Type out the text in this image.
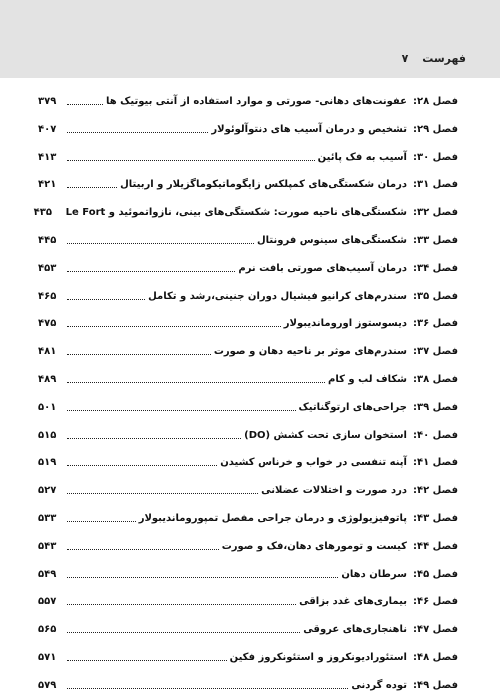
فهرست ۷
فصل ۲۸:
عفونت‌های دهانی- صورتی و موارد استفاده از آنتی بیوتیک ها
۳۷۹
فصل ۲۹:
تشخیص و درمان آسیب های دنتوآلوئولار
۴۰۷
فصل ۳۰:
آسیب به فک پائین
۴۱۳
فصل ۳۱:
درمان شکستگی‌های کمپلکس زایگوماتیکوماگزیلار و اربیتال
۴۲۱
فصل ۳۲:
شکستگی‌های ناحیه صورت: شکستگی‌های بینی، نازواتموئید و Le Fort
۴۳۵
فصل ۳۳:
شکستگی‌های سینوس فرونتال
۴۴۵
فصل ۳۴:
درمان آسیب‌های صورتی بافت نرم
۴۵۳
فصل ۳۵:
سندرم‌های کرانیو فیشیال دوران جنینی،رشد و تکامل
۴۶۵
فصل ۳۶:
دیسوستوز اوروماندیبولار
۴۷۵
فصل ۳۷:
سندرم‌های موثر بر ناحیه دهان و صورت
۴۸۱
فصل ۳۸:
شکاف لب و کام
۴۸۹
فصل ۳۹:
جراحی‌های ارتوگناتیک
۵۰۱
فصل ۴۰:
استخوان سازی تحت کشش (DO)
۵۱۵
فصل ۴۱:
آپنه تنفسی در خواب و خرناس کشیدن
۵۱۹
فصل ۴۲:
درد صورت و اختلالات عضلانی
۵۲۷
فصل ۴۳:
پاتوفیزیولوژی و درمان جراحی مفصل تمپوروماندیبولار
۵۳۳
فصل ۴۴:
کیست و تومورهای دهان،فک و صورت
۵۴۳
فصل ۴۵:
سرطان دهان
۵۴۹
فصل ۴۶:
بیماری‌های غدد بزاقی
۵۵۷
فصل ۴۷:
ناهنجاری‌های عروقی
۵۶۵
فصل ۴۸:
استئورادیونکروز و استئونکروز فکین
۵۷۱
فصل ۴۹:
توده گردنی
۵۷۹
